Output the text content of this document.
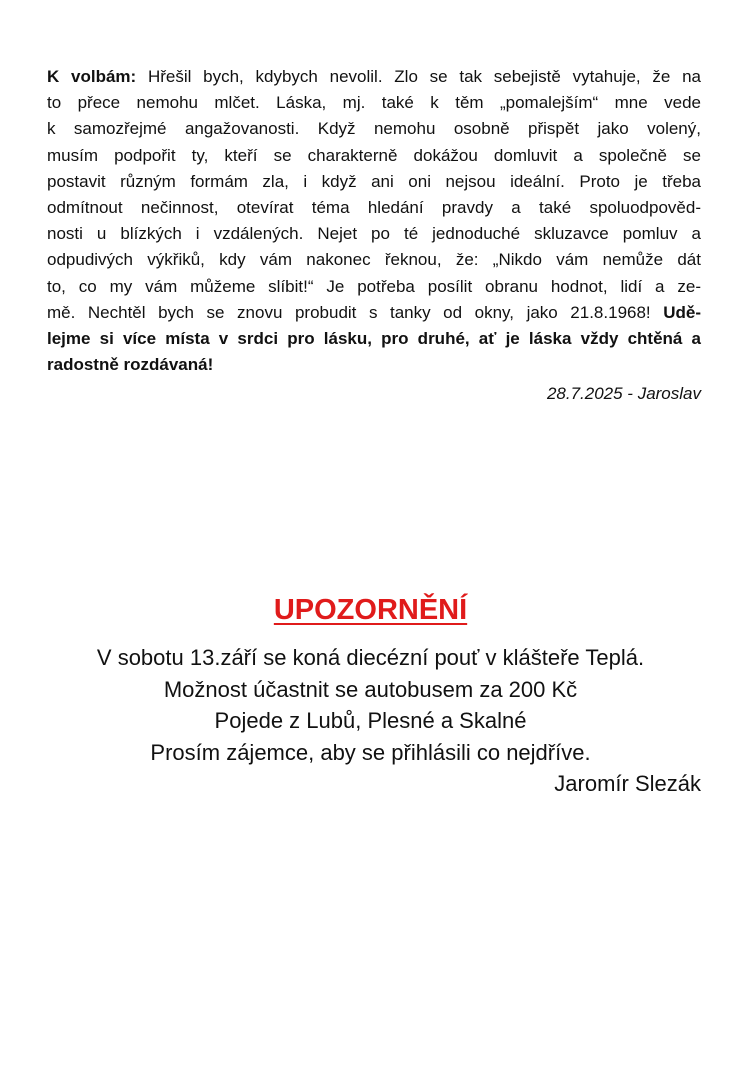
K volbám: Hřešil bych, kdybych nevolil. Zlo se tak sebejistě vytahuje, že na
to přece nemohu mlčet. Láska, mj. také k těm „pomalejším“ mne vede
k samozřejmé angažovanosti. Když nemohu osobně přispět jako volený,
musím podpořit ty, kteří se charakterně dokážou domluvit a společně se
postavit různým formám zla, i když ani oni nejsou ideální. Proto je třeba
odmítnout nečinnost, otevírat téma hledání pravdy a také spoluodpověd-
nosti u blízkých i vzdálených. Nejet po té jednoduché skluzavce pomluv a
odpudivých výkřiků, kdy vám nakonec řeknou, že: „Nikdo vám nemůže dát
to, co my vám můžeme slíbit!“ Je potřeba posílit obranu hodnot, lidí a ze-
mě. Nechtěl bych se znovu probudit s tanky od okny, jako 21.8.1968! Udě-
lejme si více místa v srdci pro lásku, pro druhé, ať je láska vždy chtěná a
radostně rozdávaná!
28.7.2025 - Jaroslav
UPOZORNĚNÍ
V sobotu 13.září se koná diecézní pouť v klášteře Teplá.
Možnost účastnit se autobusem za 200 Kč
Pojede z Lubů, Plesné a Skalné
Prosím zájemce, aby se přihlásili co nejdříve.
Jaromír Slezák
